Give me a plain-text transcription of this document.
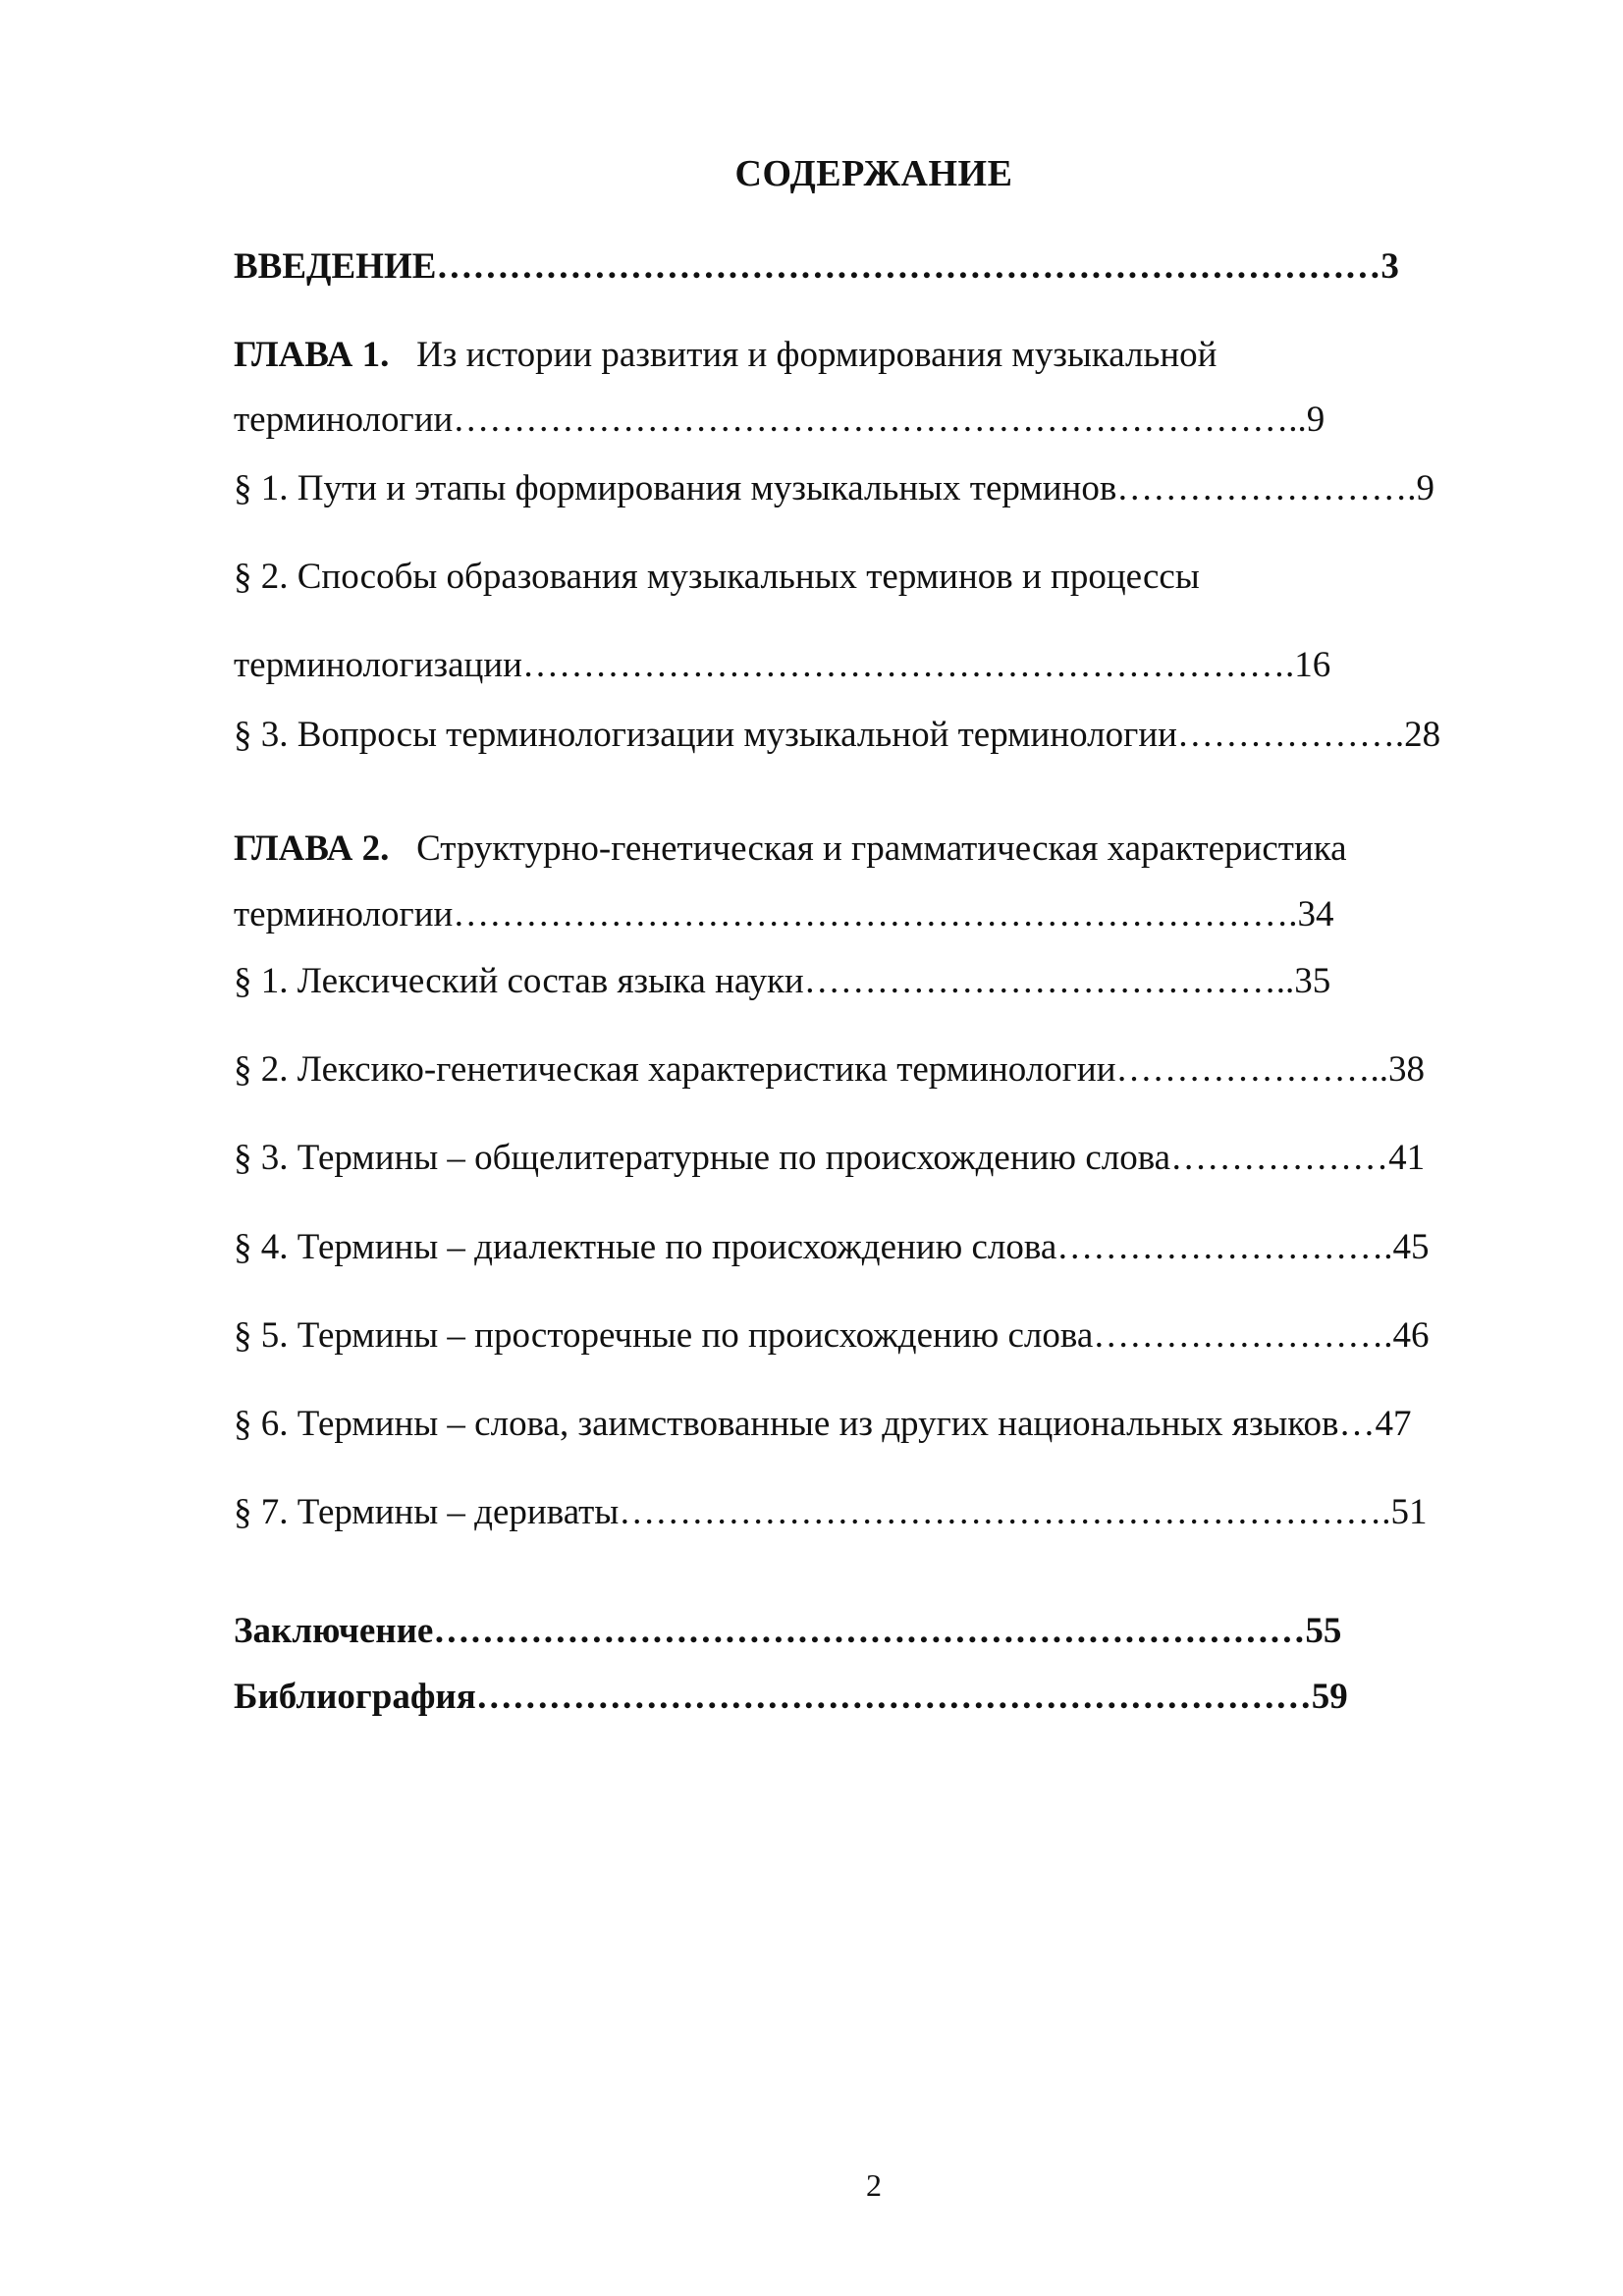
СОДЕРЖАНИЕ
ВВЕДЕНИЕ……………………………………………………………………3
ГЛАВА 1. Из истории развития и формирования музыкальной
терминологии……………………………………………………………..9
§ 1. Пути и этапы формирования музыкальных терминов…………………….9
§ 2. Способы образования музыкальных терминов и процессы
терминологизации……………………………………………………….16
§ 3. Вопросы терминологизации музыкальной терминологии……………….28
ГЛАВА 2. Структурно-генетическая и грамматическая характеристика
терминологии…………………………………………………………….34
§ 1. Лексический состав языка науки…………………………………..35
§ 2. Лексико-генетическая характеристика терминологии…………………..38
§ 3. Термины – общелитературные по происхождению слова………………41
§ 4. Термины – диалектные по происхождению слова……………………….45
§ 5. Термины – просторечные по происхождению слова…………………….46
§ 6. Термины – слова, заимствованные из других национальных языков…47
§ 7. Термины – дериваты……………………………………………………….51
Заключение………………………………………………………………55
Библиография……………………………………………………………59
2
